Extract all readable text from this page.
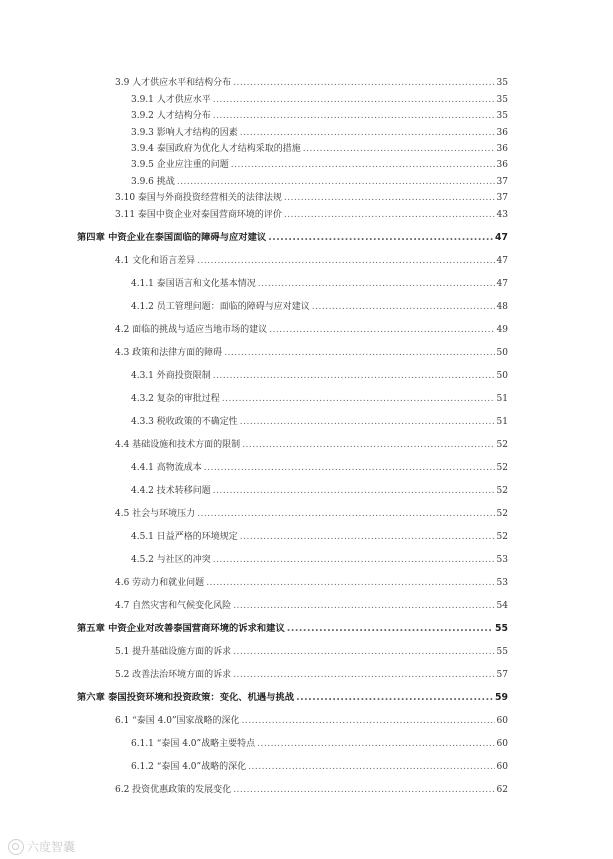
3.9 人才供应水平和结构分布 .....	35
3.9.1 人才供应水平 .....	35
3.9.2 人才结构分布 .....	35
3.9.3 影响人才结构的因素 .....	36
3.9.4 泰国政府为优化人才结构采取的措施 .....	36
3.9.5 企业应注重的问题 .....	36
3.9.6 挑战 .....	37
3.10 泰国与外商投资经营相关的法律法规 .....	37
3.11 泰国中资企业对泰国营商环境的评价 .....	43
第四章 中资企业在泰国面临的障碍与应对建议 .....	47
4.1 文化和语言差异 .....	47
4.1.1 泰国语言和文化基本情况 .....	47
4.1.2 员工管理问题：面临的障碍与应对建议 .....	48
4.2 面临的挑战与适应当地市场的建议 .....	49
4.3 政策和法律方面的障碍 .....	50
4.3.1 外商投资限制 .....	50
4.3.2 复杂的审批过程 .....	51
4.3.3 税收政策的不确定性 .....	51
4.4 基础设施和技术方面的限制 .....	52
4.4.1 高物流成本 .....	52
4.4.2 技术转移问题 .....	52
4.5 社会与环境压力 .....	52
4.5.1 日益严格的环境规定 .....	52
4.5.2 与社区的冲突 .....	53
4.6 劳动力和就业问题 .....	53
4.7 自然灾害和气候变化风险 .....	54
第五章 中资企业对改善泰国营商环境的诉求和建议 .....	55
5.1 提升基础设施方面的诉求 .....	55
5.2 改善法治环境方面的诉求 .....	57
第六章 泰国投资环境和投资政策：变化、机遇与挑战 .....	59
6.1 “泰国 4.0”国家战略的深化 .....	60
6.1.1 “泰国 4.0”战略主要特点 .....	60
6.1.2 “泰国 4.0”战略的深化 .....	60
6.2 投资优惠政策的发展变化 .....	62
六度智囊
